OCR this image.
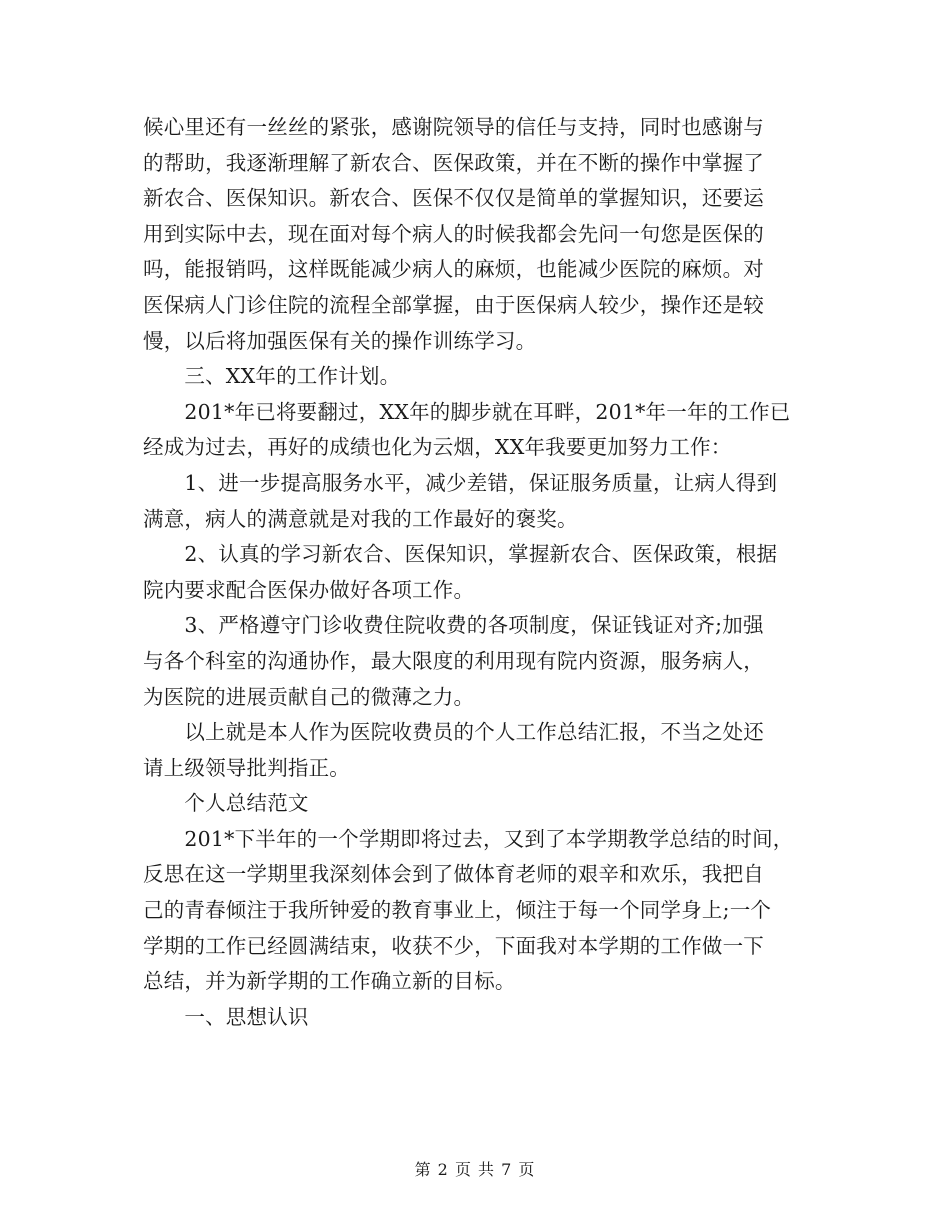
候心里还有一丝丝的紧张，感谢院领导的信任与支持，同时也感谢与
的帮助，我逐渐理解了新农合、医保政策，并在不断的操作中掌握了
新农合、医保知识。新农合、医保不仅仅是简单的掌握知识，还要运
用到实际中去，现在面对每个病人的时候我都会先问一句您是医保的
吗，能报销吗，这样既能减少病人的麻烦，也能减少医院的麻烦。对
医保病人门诊住院的流程全部掌握，由于医保病人较少，操作还是较
慢，以后将加强医保有关的操作训练学习。

　　三、XX年的工作计划。

　　201*年已将要翻过，XX年的脚步就在耳畔，201*年一年的工作已
经成为过去，再好的成绩也化为云烟，XX年我要更加努力工作：

　　1、进一步提高服务水平，减少差错，保证服务质量，让病人得到
满意，病人的满意就是对我的工作最好的褒奖。

　　2、认真的学习新农合、医保知识，掌握新农合、医保政策，根据
院内要求配合医保办做好各项工作。

　　3、严格遵守门诊收费住院收费的各项制度，保证钱证对齐;加强
与各个科室的沟通协作，最大限度的利用现有院内资源，服务病人，
为医院的进展贡献自己的微薄之力。

　　以上就是本人作为医院收费员的个人工作总结汇报，不当之处还
请上级领导批判指正。

　　个人总结范文

　　201*下半年的一个学期即将过去，又到了本学期教学总结的时间，
反思在这一学期里我深刻体会到了做体育老师的艰辛和欢乐，我把自
己的青春倾注于我所钟爱的教育事业上，倾注于每一个同学身上;一个
学期的工作已经圆满结束，收获不少，下面我对本学期的工作做一下
总结，并为新学期的工作确立新的目标。

　　一、思想认识

第 2 页 共 7 页
